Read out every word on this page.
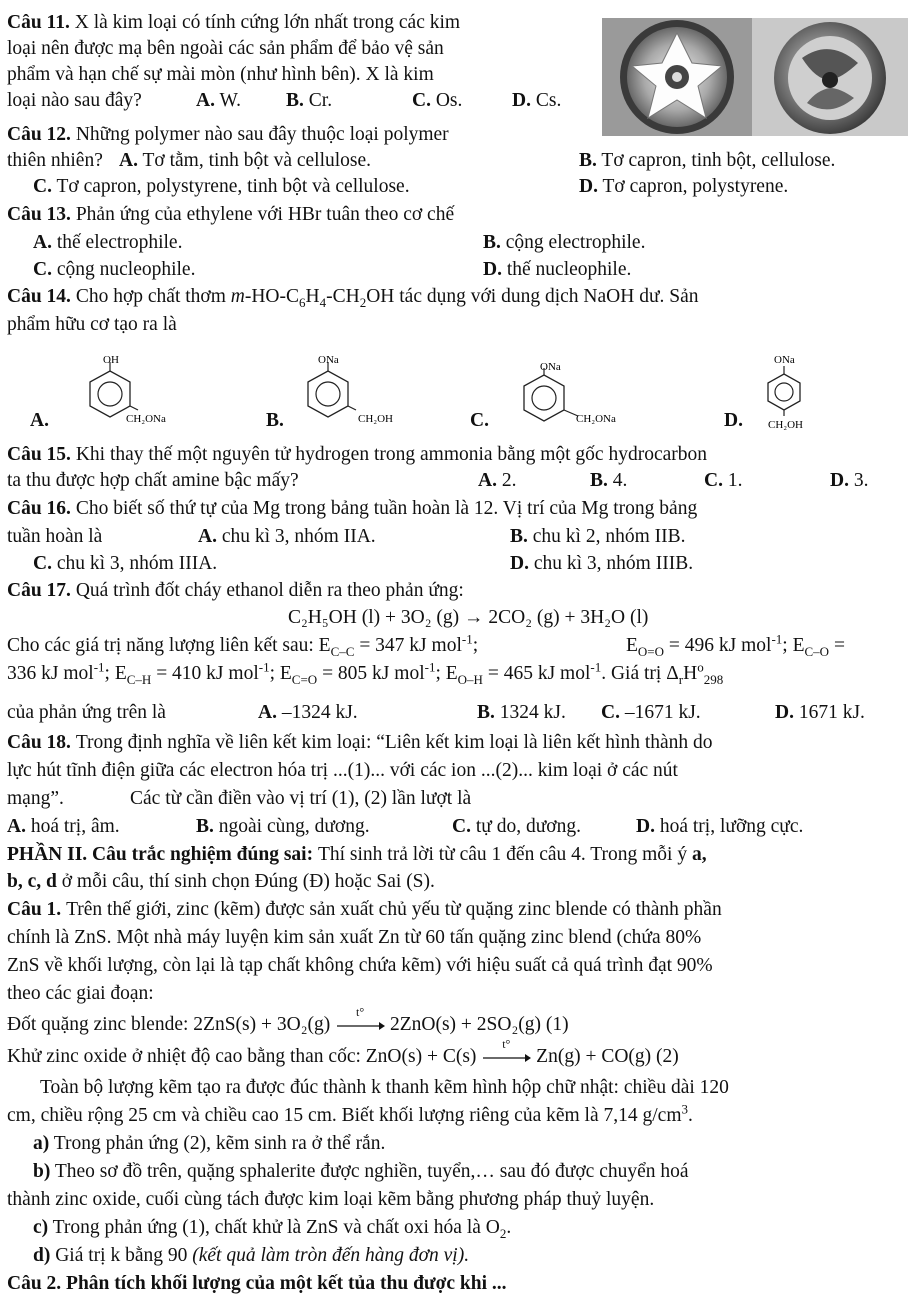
Câu 11. X là kim loại có tính cứng lớn nhất trong các kim
loại nên được mạ bên ngoài các sản phẩm để bảo vệ sản
phẩm và hạn chế sự mài mòn (như hình bên). X là kim
loại nào sau đây?	A. W. B. Cr.	C. Os.	D. Cs.
Câu 12. Những polymer nào sau đây thuộc loại polymer
thiên nhiên? A. Tơ tằm, tinh bột và cellulose.	B. Tơ capron, tinh bột, cellulose.
C. Tơ capron, polystyrene, tinh bột và cellulose.	D. Tơ capron, polystyrene.
Câu 13. Phản ứng của ethylene với HBr tuân theo cơ chế
A. thế electrophile.	B. cộng electrophile.
C. cộng nucleophile.	D. thế nucleophile.
Câu 14. Cho hợp chất thơm $m-HO-C_6H_4-CH_2OH$ tác dụng với dung dịch NaOH dư. Sản
phẩm hữu cơ tạo ra là
A.
OH
CH₂ONa	B.
ONa
CH₂OH	C.
ONa
CH₂ONa	D.
ONa
CH₂OH
Câu 15. Khi thay thế một nguyên tử hydrogen trong ammonia bằng một gốc hydrocarbon
ta thu được hợp chất amine bậc mấy?	A. 2.	B. 4.	C. 1.	D. 3.
Câu 16. Cho biết số thứ tự của Mg trong bảng tuần hoàn là 12. Vị trí của Mg trong bảng
tuần hoàn là	A. chu kì 3, nhóm IIA.	B. chu kì 2, nhóm IIB.
C. chu kì 3, nhóm IIIA.	D. chu kì 3, nhóm IIIB.
Câu 17. Quá trình đốt cháy ethanol diễn ra theo phản ứng:
C₂H₅OH (l) + 3O₂ (g) → 2CO₂ (g) + 3H₂O (l)
Cho các giá trị năng lượng liên kết sau: $E_{C-C} = 347$ kJ mol$^{-1}$;	$E_{O=O} = 496$ kJ mol$^{-1}$; $E_{C-O}$ =
336 kJ mol$^{-1}$; $E_{C-H} = 410$ kJ mol$^{-1}$; $E_{C=O} = 805$ kJ mol$^{-1}$; $E_{O-H} = 465$ kJ mol$^{-1}$. Giá trị $\Delta_rH^o_{298}$
của phản ứng trên là	A. –1324 kJ.	B. 1324 kJ. C. –1671 kJ.	D. 1671 kJ.
Câu 18. Trong định nghĩa về liên kết kim loại: “Liên kết kim loại là liên kết hình thành do
lực hút tĩnh điện giữa các electron hóa trị ...(1)... với các ion ...(2)... kim loại ở các nút
mạng”.	Các từ cần điền vào vị trí (1), (2) lần lượt là
A. hoá trị, âm.	B. ngoài cùng, dương.	C. tự do, dương.	D. hoá trị, lưỡng cực.
PHẦN II. Câu trắc nghiệm đúng sai: Thí sinh trả lời từ câu 1 đến câu 4. Trong mỗi ý a,
b, c, d ở mỗi câu, thí sinh chọn Đúng (Đ) hoặc Sai (S).
Câu 1. Trên thế giới, zinc (kẽm) được sản xuất chủ yếu từ quặng zinc blende có thành phần
chính là ZnS. Một nhà máy luyện kim sản xuất Zn từ 60 tấn quặng zinc blend (chứa 80%
ZnS về khối lượng, còn lại là tạp chất không chứa kẽm) với hiệu suất cả quá trình đạt 90%
theo các giai đoạn:
Đốt quặng zinc blende: 2ZnS(s) + 3O₂(g)
t°
2ZnO(s) + 2SO₂(g) (1)
Khử zinc oxide ở nhiệt độ cao bằng than cốc: ZnO(s) + C(s)
t°
Zn(g) + CO(g) (2)
Toàn bộ lượng kẽm tạo ra được đúc thành k thanh kẽm hình hộp chữ nhật: chiều dài 120
cm, chiều rộng 25 cm và chiều cao 15 cm. Biết khối lượng riêng của kẽm là 7,14 $g/cm^3$.
a) Trong phản ứng (2), kẽm sinh ra ở thể rắn.
b) Theo sơ đồ trên, quặng sphalerite được nghiền, tuyển,… sau đó được chuyển hoá
thành zinc oxide, cuối cùng tách được kim loại kẽm bằng phương pháp thuỷ luyện.
c) Trong phản ứng (1), chất khử là ZnS và chất oxi hóa là $O_2$.
d) Giá trị k bằng 90 (kết quả làm tròn đến hàng đơn vị).
Câu 2. Phân tích khối lượng của một kết tủa thu được khi ...
